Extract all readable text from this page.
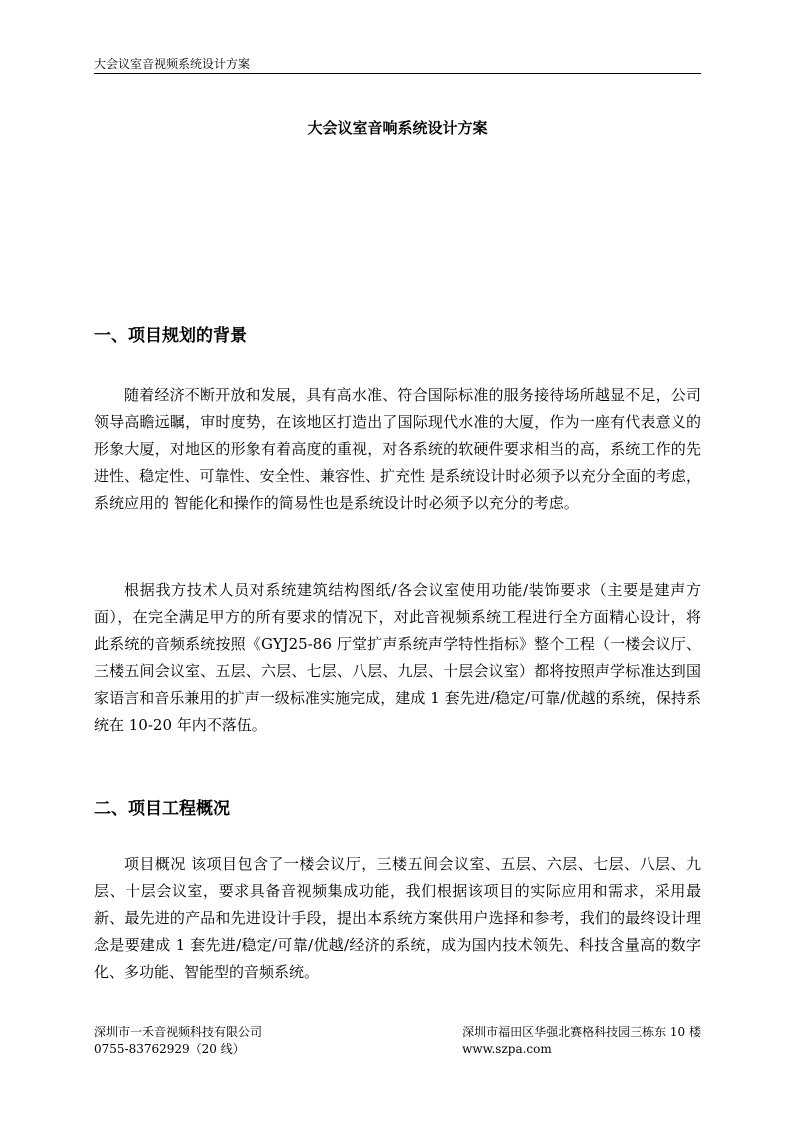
大会议室音视频系统设计方案
大会议室音响系统设计方案
一、项目规划的背景

随着经济不断开放和发展，具有高水准、符合国际标准的服务接待场所越显不足，公司领导高瞻远瞩，审时度势，在该地区打造出了国际现代水准的大厦，作为一座有代表意义的形象大厦，对地区的形象有着高度的重视，对各系统的软硬件要求相当的高，系统工作的先进性、稳定性、可靠性、安全性、兼容性、扩充性 是系统设计时必须予以充分全面的考虑，系统应用的 智能化和操作的简易性也是系统设计时必须予以充分的考虑。

根据我方技术人员对系统建筑结构图纸/各会议室使用功能/装饰要求（主要是建声方面），在完全满足甲方的所有要求的情况下，对此音视频系统工程进行全方面精心设计，将此系统的音频系统按照《GYJ25-86 厅堂扩声系统声学特性指标》整个工程（一楼会议厅、三楼五间会议室、五层、六层、七层、八层、九层、十层会议室）都将按照声学标准达到国家语言和音乐兼用的扩声一级标准实施完成，建成 1 套先进/稳定/可靠/优越的系统，保持系统在 10-20 年内不落伍。

二、项目工程概况

项目概况 该项目包含了一楼会议厅，三楼五间会议室、五层、六层、七层、八层、九层、十层会议室，要求具备音视频集成功能，我们根据该项目的实际应用和需求，采用最新、最先进的产品和先进设计手段，提出本系统方案供用户选择和参考，我们的最终设计理念是要建成 1 套先进/稳定/可靠/优越/经济的系统，成为国内技术领先、科技含量高的数字化、多功能、智能型的音频系统。

深圳市一禾音视频科技有限公司
0755-83762929（20 线）
深圳市福田区华强北赛格科技园三栋东 10 楼
www.szpa.com
